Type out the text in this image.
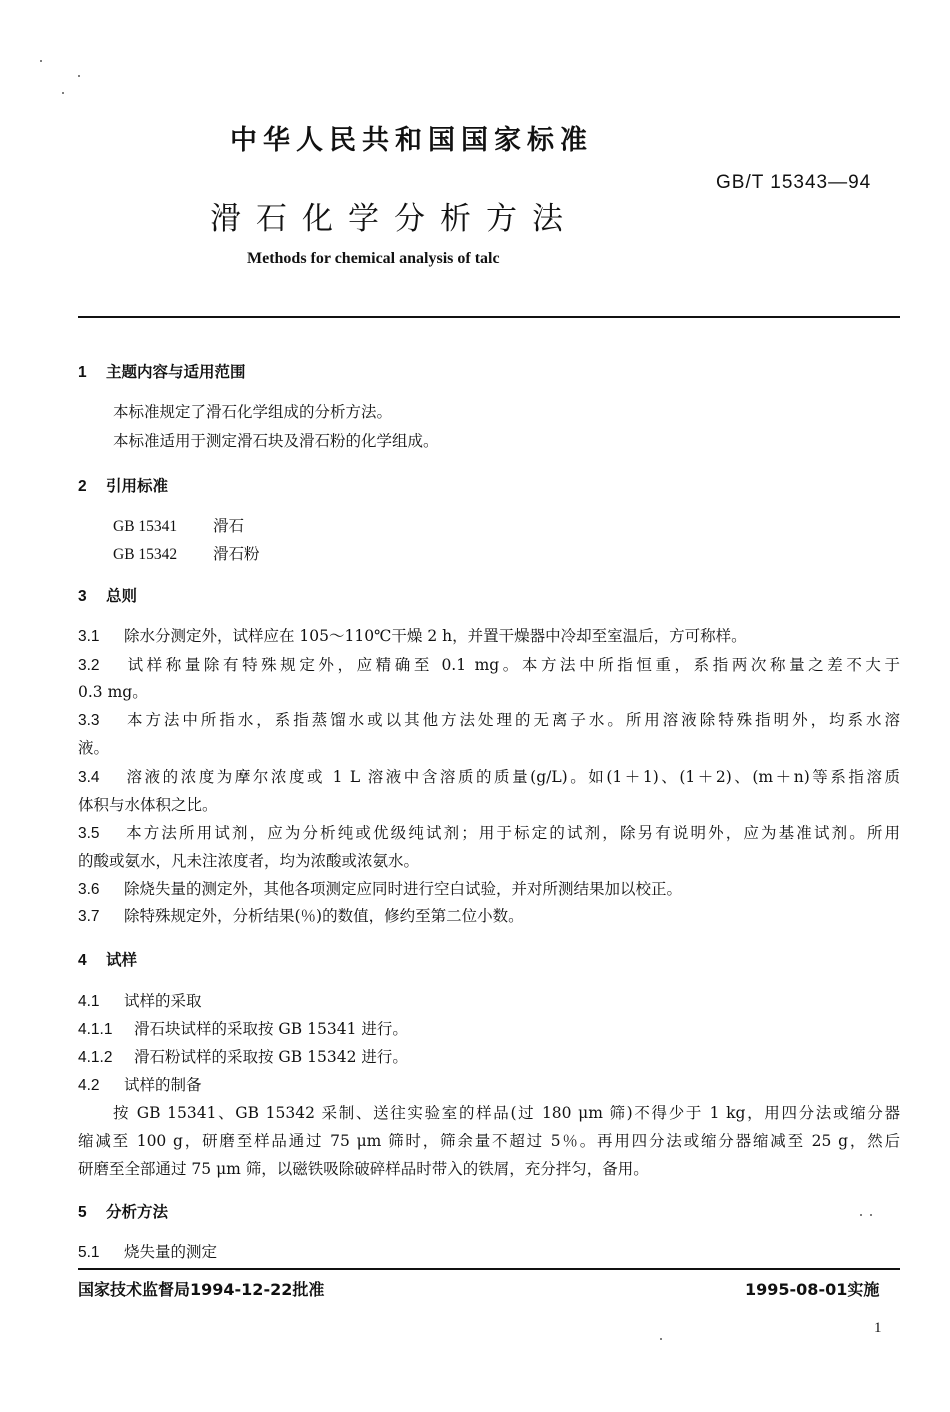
中华人民共和国国家标准
GB/T 15343—94
滑石化学分析方法
Methods for chemical analysis of talc
1 主题内容与适用范围
本标准规定了滑石化学组成的分析方法。
本标准适用于测定滑石块及滑石粉的化学组成。
2 引用标准
GB 15341 滑石
GB 15342 滑石粉
3 总则
3.1 除水分测定外，试样应在 105～110℃干燥 2 h，并置干燥器中冷却至室温后，方可称样。
3.2 试样称量除有特殊规定外，应精确至 0.1 mg。本方法中所指恒重，系指两次称量之差不大于
0.3 mg。
3.3 本方法中所指水，系指蒸馏水或以其他方法处理的无离子水。所用溶液除特殊指明外，均系水溶
液。
3.4 溶液的浓度为摩尔浓度或 1 L 溶液中含溶质的质量(g/L)。如(1＋1)、(1＋2)、(m＋n)等系指溶质
体积与水体积之比。
3.5 本方法所用试剂，应为分析纯或优级纯试剂；用于标定的试剂，除另有说明外，应为基准试剂。所用
的酸或氨水，凡未注浓度者，均为浓酸或浓氨水。
3.6 除烧失量的测定外，其他各项测定应同时进行空白试验，并对所测结果加以校正。
3.7 除特殊规定外，分析结果(％)的数值，修约至第二位小数。
4 试样
4.1 试样的采取
4.1.1 滑石块试样的采取按 GB 15341 进行。
4.1.2 滑石粉试样的采取按 GB 15342 进行。
4.2 试样的制备
按 GB 15341、GB 15342 采制、送往实验室的样品(过 180 μm 筛)不得少于 1 kg，用四分法或缩分器
缩减至 100 g，研磨至样品通过 75 μm 筛时，筛余量不超过 5％。再用四分法或缩分器缩减至 25 g，然后
研磨至全部通过 75 μm 筛，以磁铁吸除破碎样品时带入的铁屑，充分拌匀，备用。
5 分析方法
5.1 烧失量的测定
国家技术监督局1994-12-22批准	1995-08-01实施
1
